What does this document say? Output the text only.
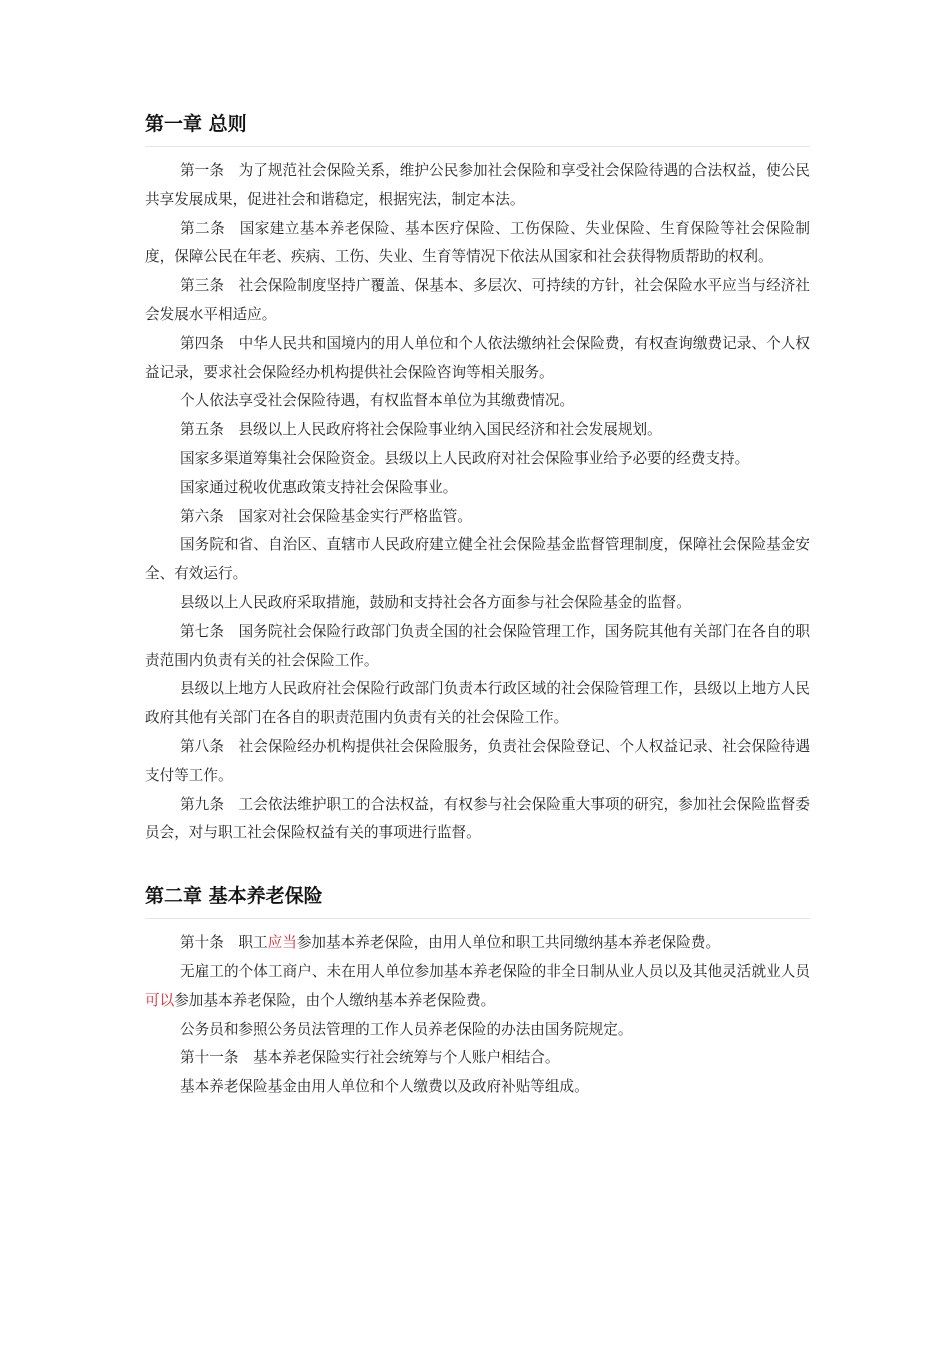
第一章 总则

第一条 为了规范社会保险关系，维护公民参加社会保险和享受社会保险待遇的合法权益，使公民共享发展成果，促进社会和谐稳定，根据宪法，制定本法。

第二条 国家建立基本养老保险、基本医疗保险、工伤保险、失业保险、生育保险等社会保险制度，保障公民在年老、疾病、工伤、失业、生育等情况下依法从国家和社会获得物质帮助的权利。

第三条 社会保险制度坚持广覆盖、保基本、多层次、可持续的方针，社会保险水平应当与经济社会发展水平相适应。

第四条 中华人民共和国境内的用人单位和个人依法缴纳社会保险费，有权查询缴费记录、个人权益记录，要求社会保险经办机构提供社会保险咨询等相关服务。

个人依法享受社会保险待遇，有权监督本单位为其缴费情况。

第五条 县级以上人民政府将社会保险事业纳入国民经济和社会发展规划。

国家多渠道筹集社会保险资金。县级以上人民政府对社会保险事业给予必要的经费支持。

国家通过税收优惠政策支持社会保险事业。

第六条 国家对社会保险基金实行严格监管。

国务院和省、自治区、直辖市人民政府建立健全社会保险基金监督管理制度，保障社会保险基金安全、有效运行。

县级以上人民政府采取措施，鼓励和支持社会各方面参与社会保险基金的监督。

第七条 国务院社会保险行政部门负责全国的社会保险管理工作，国务院其他有关部门在各自的职责范围内负责有关的社会保险工作。

县级以上地方人民政府社会保险行政部门负责本行政区域的社会保险管理工作，县级以上地方人民政府其他有关部门在各自的职责范围内负责有关的社会保险工作。

第八条 社会保险经办机构提供社会保险服务，负责社会保险登记、个人权益记录、社会保险待遇支付等工作。

第九条 工会依法维护职工的合法权益，有权参与社会保险重大事项的研究，参加社会保险监督委员会，对与职工社会保险权益有关的事项进行监督。

第二章 基本养老保险

第十条 职工应当参加基本养老保险，由用人单位和职工共同缴纳基本养老保险费。

无雇工的个体工商户、未在用人单位参加基本养老保险的非全日制从业人员以及其他灵活就业人员可以参加基本养老保险，由个人缴纳基本养老保险费。

公务员和参照公务员法管理的工作人员养老保险的办法由国务院规定。

第十一条 基本养老保险实行社会统筹与个人账户相结合。

基本养老保险基金由用人单位和个人缴费以及政府补贴等组成。
